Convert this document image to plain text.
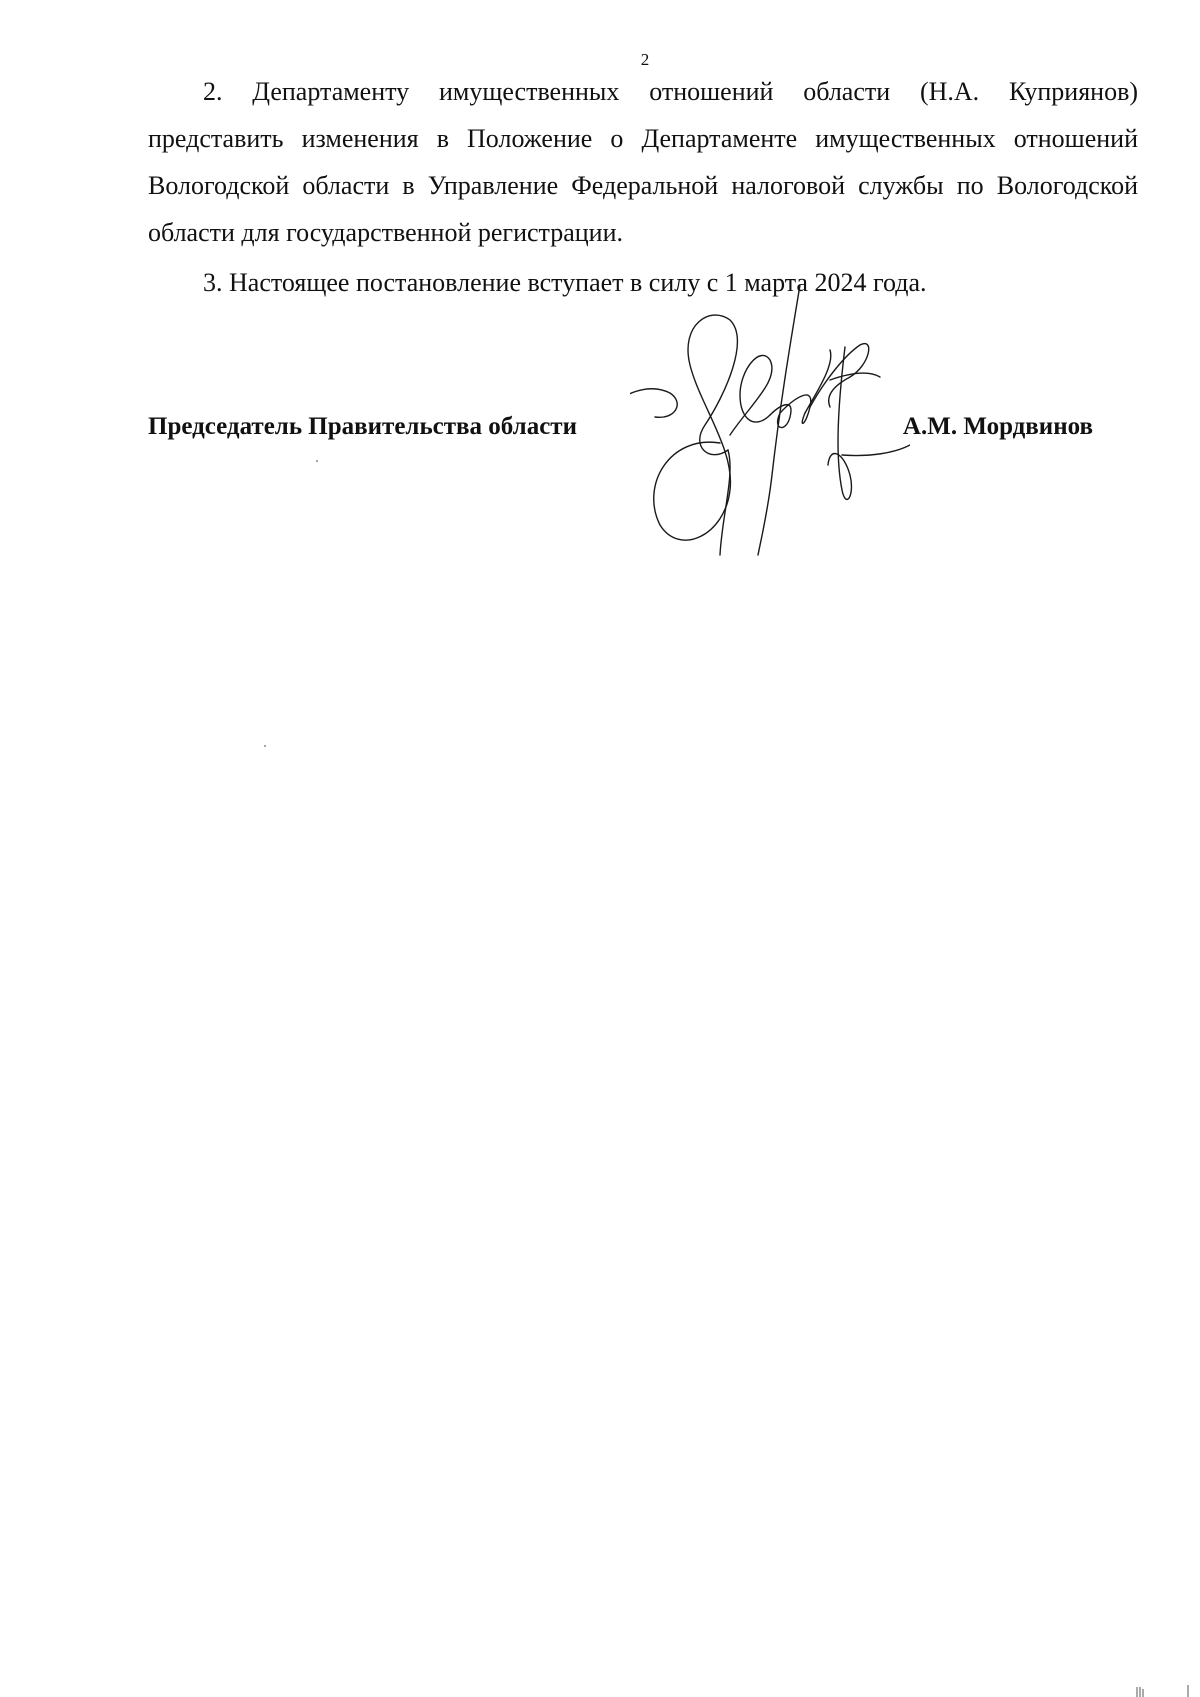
2

2. Департаменту имущественных отношений области (Н.А. Куприянов) представить изменения в Положение о Департаменте имущественных отношений Вологодской области в Управление Федеральной налоговой службы по Вологодской области для государственной регистрации.

3. Настоящее постановление вступает в силу с 1 марта 2024 года.

Председатель Правительства области	А.М. Мордвинов
